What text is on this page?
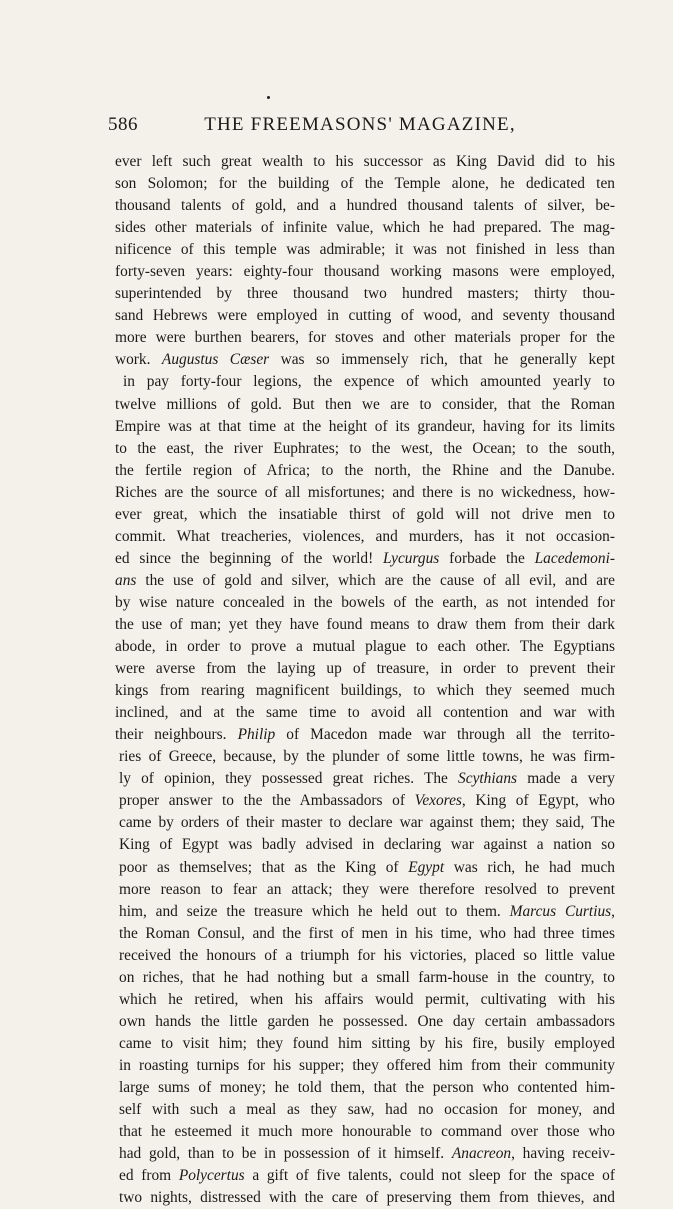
586	THE FREEMASONS' MAGAZINE,
ever left such great wealth to his successor as King David did to his
son Solomon; for the building of the Temple alone, he dedicated ten
thousand talents of gold, and a hundred thousand talents of silver, be-
sides other materials of infinite value, which he had prepared. The mag-
nificence of this temple was admirable; it was not finished in less than
forty-seven years: eighty-four thousand working masons were employed,
superintended by three thousand two hundred masters; thirty thou-
sand Hebrews were employed in cutting of wood, and seventy thousand
more were burthen bearers, for stoves and other materials proper for the
work. Augustus Cæser was so immensely rich, that he generally kept
in pay forty-four legions, the expence of which amounted yearly to
twelve millions of gold. But then we are to consider, that the Roman
Empire was at that time at the height of its grandeur, having for its limits
to the east, the river Euphrates; to the west, the Ocean; to the south,
the fertile region of Africa; to the north, the Rhine and the Danube.
Riches are the source of all misfortunes; and there is no wickedness, how-
ever great, which the insatiable thirst of gold will not drive men to
commit. What treacheries, violences, and murders, has it not occasion-
ed since the beginning of the world! Lycurgus forbade the Lacedemoni-
ans the use of gold and silver, which are the cause of all evil, and are
by wise nature concealed in the bowels of the earth, as not intended for
the use of man; yet they have found means to draw them from their dark
abode, in order to prove a mutual plague to each other. The Egyptians
were averse from the laying up of treasure, in order to prevent their
kings from rearing magnificent buildings, to which they seemed much
inclined, and at the same time to avoid all contention and war with
their neighbours. Philip of Macedon made war through all the territo-
ries of Greece, because, by the plunder of some little towns, he was firm-
ly of opinion, they possessed great riches. The Scythians made a very
proper answer to the the Ambassadors of Vexores, King of Egypt, who
came by orders of their master to declare war against them; they said, The
King of Egypt was badly advised in declaring war against a nation so
poor as themselves; that as the King of Egypt was rich, he had much
more reason to fear an attack; they were therefore resolved to prevent
him, and seize the treasure which he held out to them. Marcus Curtius,
the Roman Consul, and the first of men in his time, who had three times
received the honours of a triumph for his victories, placed so little value
on riches, that he had nothing but a small farm-house in the country, to
which he retired, when his affairs would permit, cultivating with his
own hands the little garden he possessed. One day certain ambassadors
came to visit him; they found him sitting by his fire, busily employed
in roasting turnips for his supper; they offered him from their community
large sums of money; he told them, that the person who contented him-
self with such a meal as they saw, had no occasion for money, and
that he esteemed it much more honourable to command over those who
had gold, than to be in possession of it himself. Anacreon, having receiv-
ed from Polycertus a gift of five talents, could not sleep for the space of
two nights, distressed with the care of preserving them from thieves, and
